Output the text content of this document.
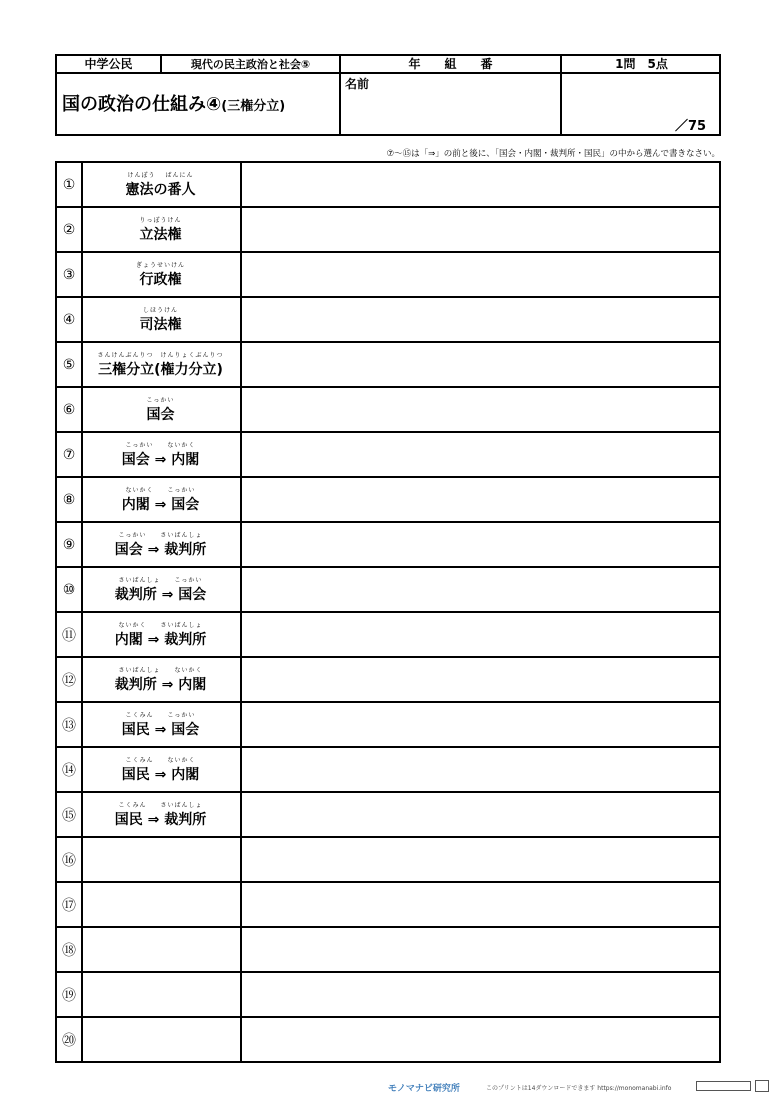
中学公民	現代の民主政治と社会⑤	年　　組　　番	1問　5点
国の政治の仕組み④(三権分立)
名前
／75
⑦〜⑮は「⇒」の前と後に、「国会・内閣・裁判所・国民」の中から選んで書きなさい。
①
けんぽう　 ばんにん
憲法の番人
②
りっぽうけん
立法権
③
ぎょうせいけん
行政権
④
しほうけん
司法権
⑤
さんけんぶんりつ　けんりょくぶんりつ
三権分立(権力分立)
⑥
こっかい
国会
⑦
こっかい　　ないかく
国会 ⇒ 内閣
⑧
ないかく　　こっかい
内閣 ⇒ 国会
⑨
こっかい　　さいばんしょ
国会 ⇒ 裁判所
⑩
さいばんしょ　　こっかい
裁判所 ⇒ 国会
⑪
ないかく　　さいばんしょ
内閣 ⇒ 裁判所
⑫
さいばんしょ　　ないかく
裁判所 ⇒ 内閣
⑬
こくみん　　こっかい
国民 ⇒ 国会
⑭
こくみん　　ないかく
国民 ⇒ 内閣
⑮
こくみん　　さいばんしょ
国民 ⇒ 裁判所
⑯
⑰
⑱
⑲
⑳
モノマナビ研究所	このプリントは14ダウンロードできます https://monomanabi.info
